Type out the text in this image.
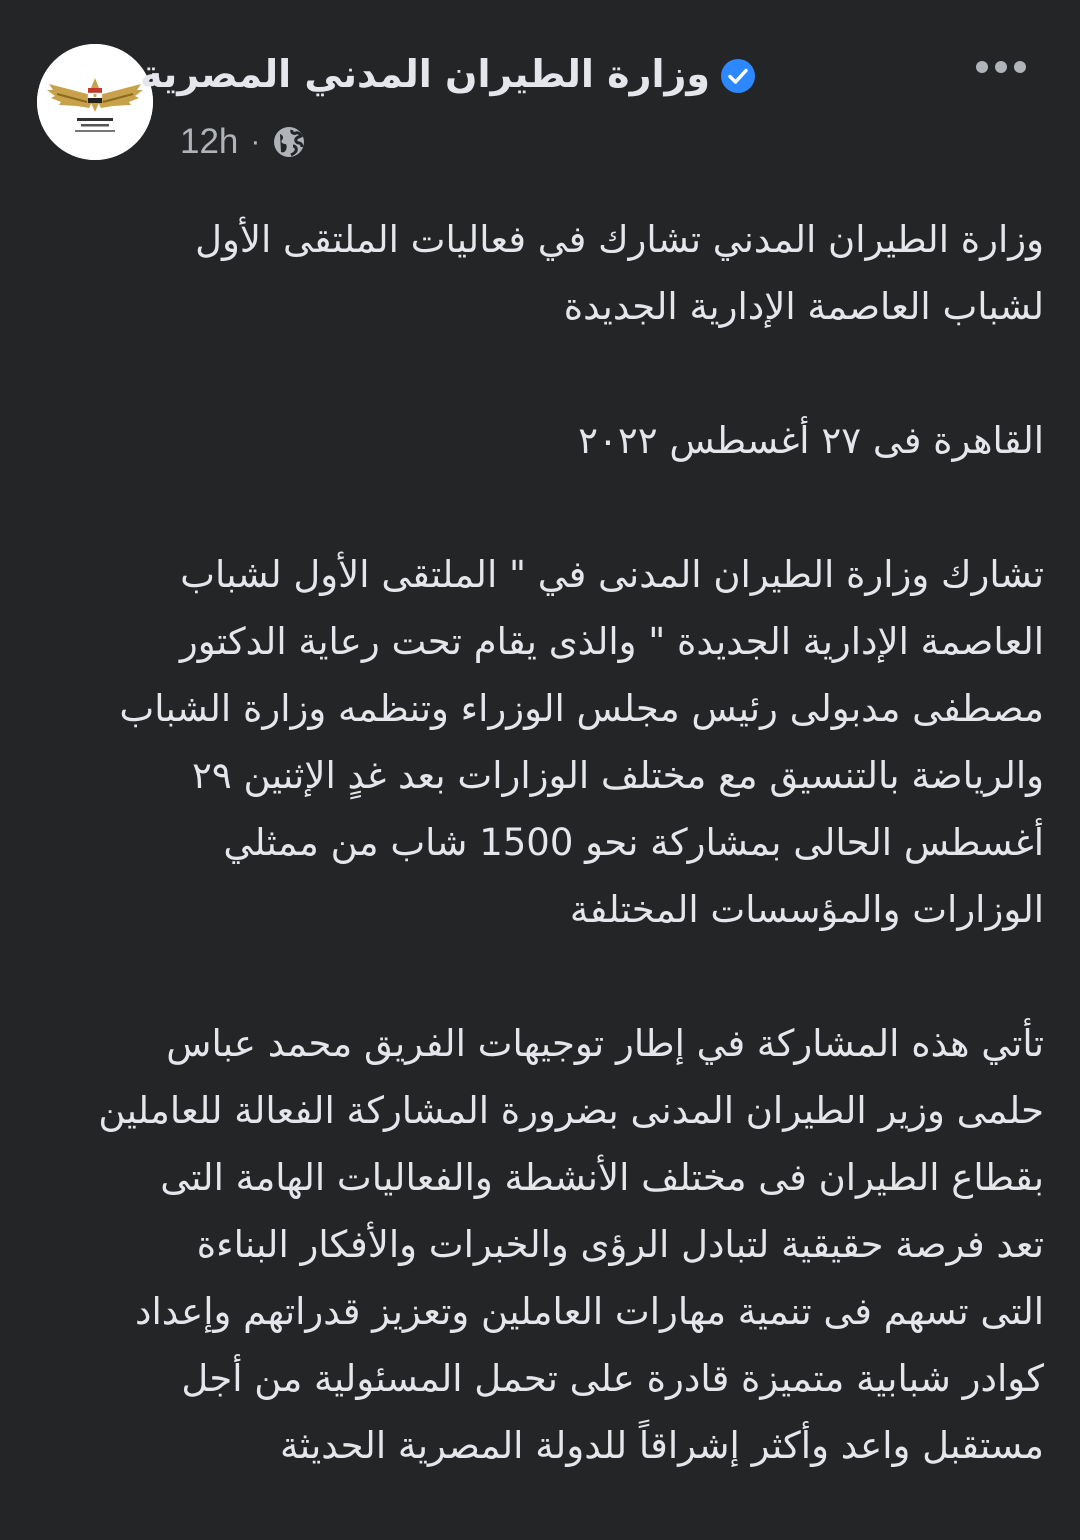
وزارة الطيران المدني المصرية
12h ·

وزارة الطيران المدني تشارك في فعاليات الملتقى الأول
لشباب العاصمة الإدارية الجديدة

القاهرة فى ٢٧ أغسطس ٢٠٢٢

تشارك وزارة الطيران المدنى في " الملتقى الأول لشباب
العاصمة الإدارية الجديدة " والذى يقام تحت رعاية الدكتور
مصطفى مدبولى رئيس مجلس الوزراء وتنظمه وزارة الشباب
والرياضة بالتنسيق مع مختلف الوزارات بعد غدٍ الإثنين ٢٩
أغسطس الحالى بمشاركة نحو 1500 شاب من ممثلي
الوزارات والمؤسسات المختلفة

تأتي هذه المشاركة في إطار توجيهات الفريق محمد عباس
حلمى وزير الطيران المدنى بضرورة المشاركة الفعالة للعاملين
بقطاع الطيران فى مختلف الأنشطة والفعاليات الهامة التى
تعد فرصة حقيقية لتبادل الرؤى والخبرات والأفكار البناءة
التى تسهم فى تنمية مهارات العاملين وتعزيز قدراتهم وإعداد
كوادر شبابية متميزة قادرة على تحمل المسئولية من أجل
مستقبل واعد وأكثر إشراقاً للدولة المصرية الحديثة
